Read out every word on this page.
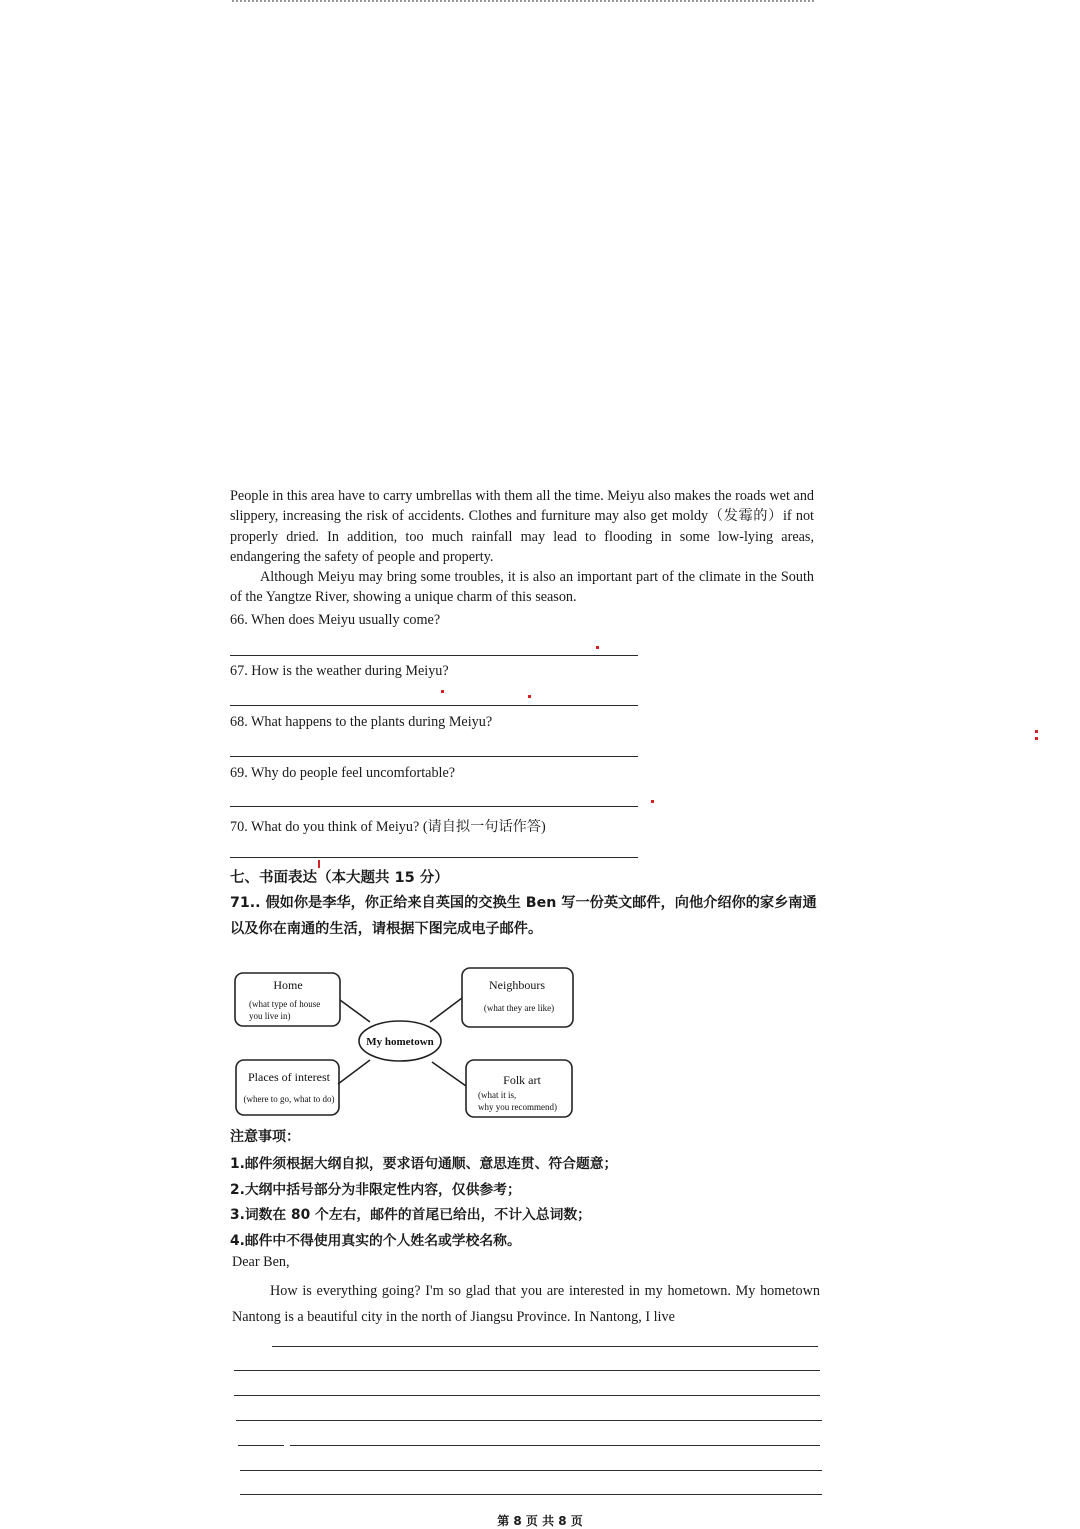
People in this area have to carry umbrellas with them all the time. Meiyu also makes the roads wet and slippery, increasing the risk of accidents. Clothes and furniture may also get moldy（发霉的）if not properly dried. In addition, too much rainfall may lead to flooding in some low-lying areas, endangering the safety of people and property.

Although Meiyu may bring some troubles, it is also an important part of the climate in the South of the Yangtze River, showing a unique charm of this season.

66. When does Meiyu usually come?
67. How is the weather during Meiyu?
68. What happens to the plants during Meiyu?
69. Why do people feel uncomfortable?
70. What do you think of Meiyu? (请自拟一句话作答)
七、书面表达（本大题共 15 分）
71.. 假如你是李华，你正给来自英国的交换生 Ben 写一份英文邮件，向他介绍你的家乡南通以及你在南通的生活，请根据下图完成电子邮件。
Home
(what type of house
you live in)
Neighbours
(what they are like)
My hometown
Places of interest
(where to go, what to do)
Folk art
(what it is,
why you recommend)
注意事项：
1.邮件须根据大纲自拟，要求语句通顺、意思连贯、符合题意；
2.大纲中括号部分为非限定性内容，仅供参考；
3.词数在 80 个左右，邮件的首尾已给出，不计入总词数；
4.邮件中不得使用真实的个人姓名或学校名称。
Dear Ben,

How is everything going? I'm so glad that you are interested in my hometown. My hometown Nantong is a beautiful city in the north of Jiangsu Province. In Nantong, I live

第 8 页 共 8 页
